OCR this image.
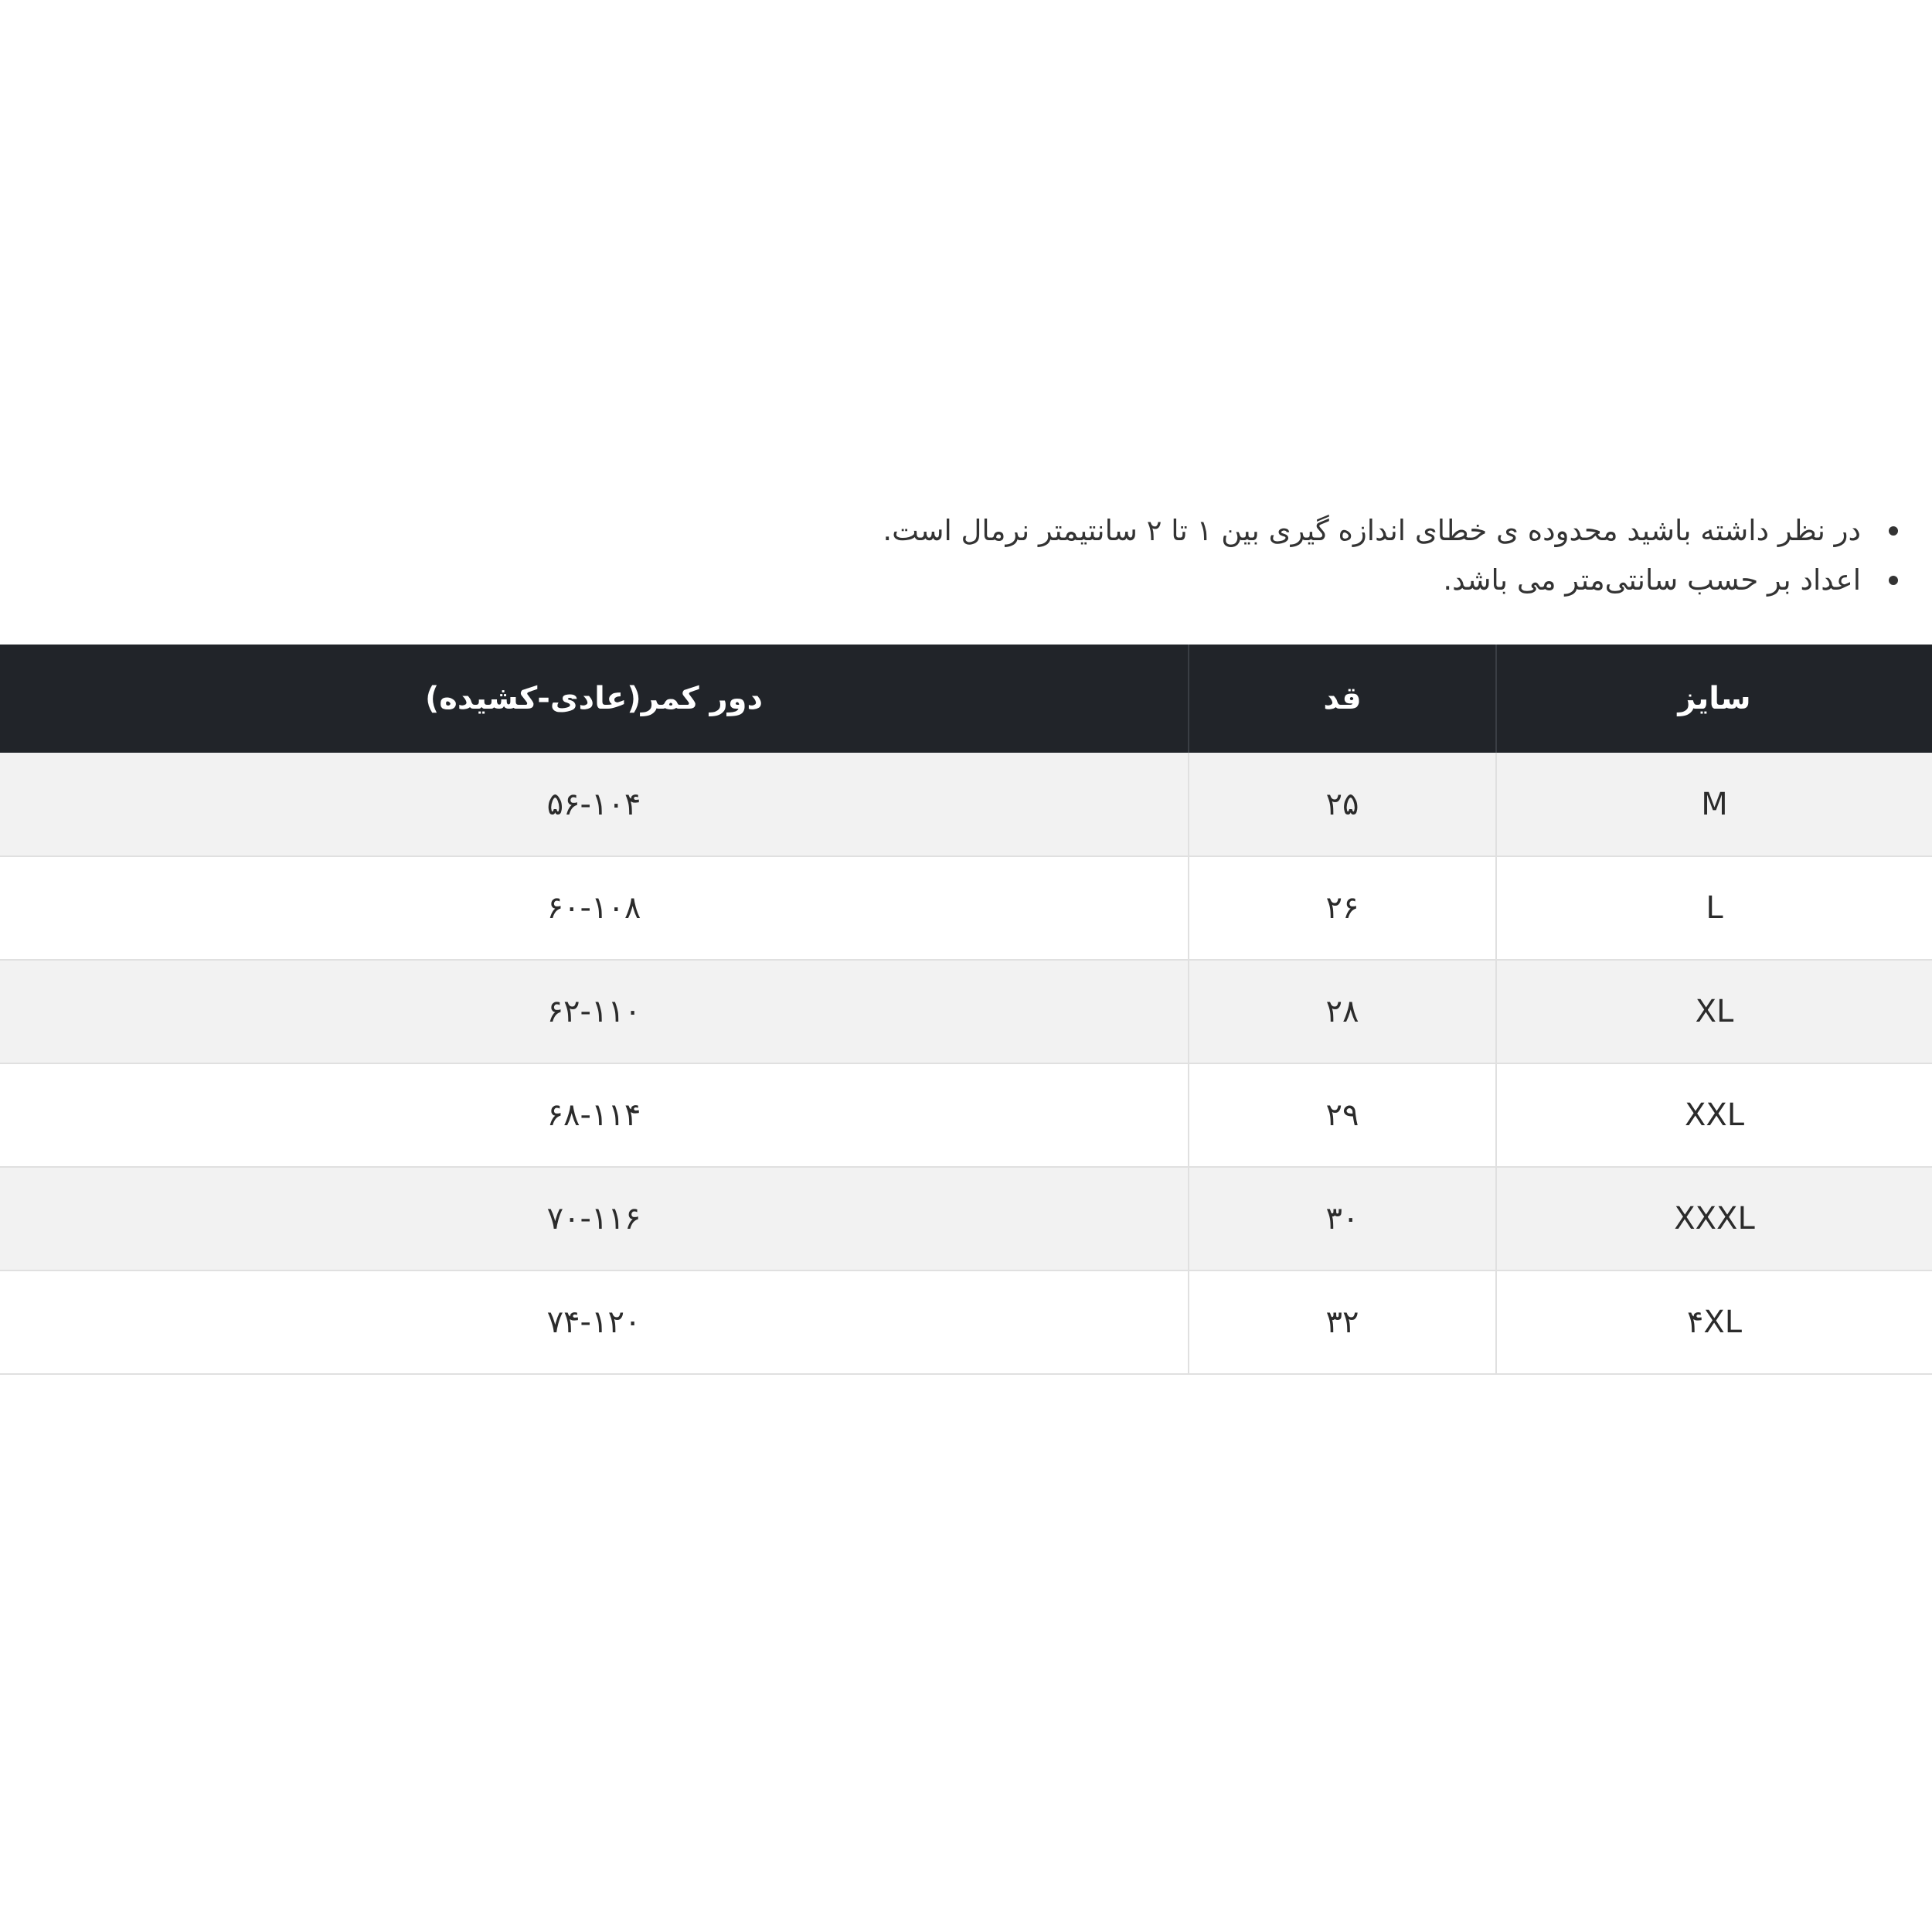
در نظر داشته باشید محدوده ی خطای اندازه گیری بین ۱ تا ۲ سانتیمتر نرمال است.
اعداد بر حسب سانتی‌متر می باشد.
سایز	قد	دور کمر(عادی-کشیده)
M	۲۵	۵۶-۱۰۴
L	۲۶	۶۰-۱۰۸
XL	۲۸	۶۲-۱۱۰
XXL	۲۹	۶۸-۱۱۴
XXXL	۳۰	۷۰-۱۱۶
۴XL	۳۲	۷۴-۱۲۰
